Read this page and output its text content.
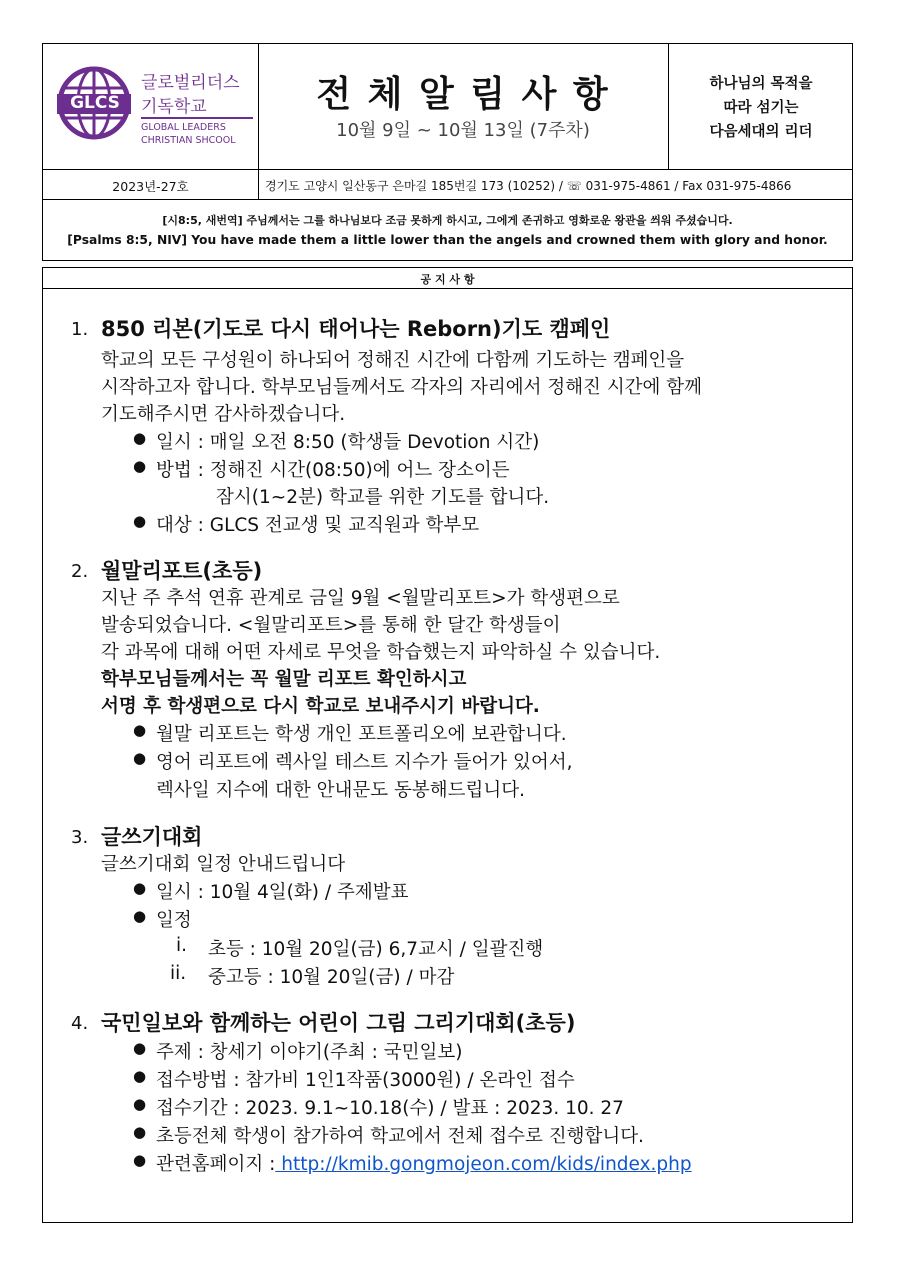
GLCS
글로벌리더스
기독학교
GLOBAL LEADERS
CHRISTIAN SHCOOL
전 체 알 림 사 항
10월 9일 ~ 10월 13일 (7주차)
하나님의 목적을
따라 섬기는
다음세대의 리더
2023년-27호	경기도 고양시 일산동구 은마길 185번길 173 (10252) / ☏ 031-975-4861 / Fax 031-975-4866
[시8:5, 새번역] 주님께서는 그를 하나님보다 조금 못하게 하시고, 그에게 존귀하고 영화로운 왕관을 씌워 주셨습니다.
[Psalms 8:5, NIV] You have made them a little lower than the angels and crowned them with glory and honor.
공 지 사 항
1. 850 리본(기도로 다시 태어나는 Reborn)기도 캠페인
학교의 모든 구성원이 하나되어 정해진 시간에 다함께 기도하는 캠페인을
시작하고자 합니다. 학부모님들께서도 각자의 자리에서 정해진 시간에 함께
기도해주시면 감사하겠습니다.
● 일시 : 매일 오전 8:50 (학생들 Devotion 시간)
● 방법 : 정해진 시간(08:50)에 어느 장소이든
잠시(1~2분) 학교를 위한 기도를 합니다.
● 대상 : GLCS 전교생 및 교직원과 학부모
2. 월말리포트(초등)
지난 주 추석 연휴 관계로 금일 9월 <월말리포트>가 학생편으로
발송되었습니다. <월말리포트>를 통해 한 달간 학생들이
각 과목에 대해 어떤 자세로 무엇을 학습했는지 파악하실 수 있습니다.
학부모님들께서는 꼭 월말 리포트 확인하시고
서명 후 학생편으로 다시 학교로 보내주시기 바랍니다.
● 월말 리포트는 학생 개인 포트폴리오에 보관합니다.
● 영어 리포트에 렉사일 테스트 지수가 들어가 있어서,
렉사일 지수에 대한 안내문도 동봉해드립니다.
3. 글쓰기대회
글쓰기대회 일정 안내드립니다
● 일시 : 10월 4일(화) / 주제발표
● 일정
i. 초등 : 10월 20일(금) 6,7교시 / 일괄진행
ii. 중고등 : 10월 20일(금) / 마감
4. 국민일보와 함께하는 어린이 그림 그리기대회(초등)
● 주제 : 창세기 이야기(주최 : 국민일보)
● 접수방법 : 참가비 1인1작품(3000원) / 온라인 접수
● 접수기간 : 2023. 9.1~10.18(수) / 발표 : 2023. 10. 27
● 초등전체 학생이 참가하여 학교에서 전체 접수로 진행합니다.
● 관련홈페이지 : http://kmib.gongmojeon.com/kids/index.php
